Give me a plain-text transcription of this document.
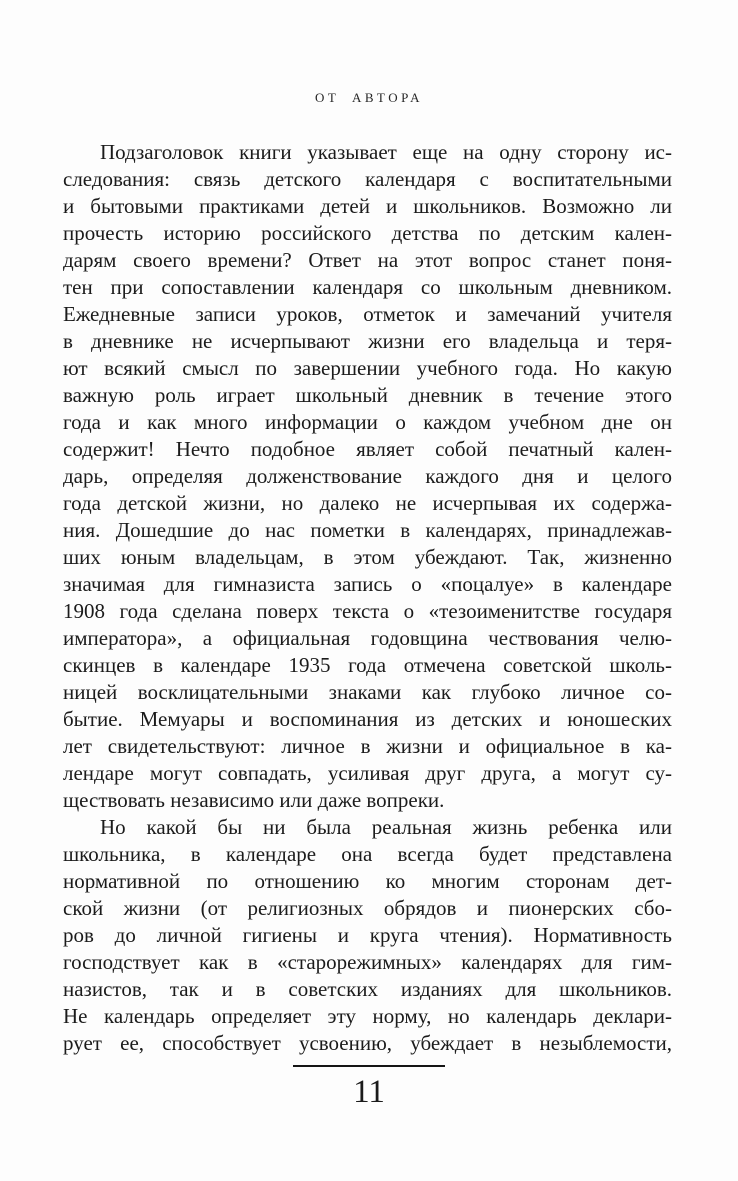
ОТ АВТОРА
Подзаголовок книги указывает еще на одну сторону ис-
следования: связь детского календаря с воспитательными
и бытовыми практиками детей и школьников. Возможно ли
прочесть историю российского детства по детским кален-
дарям своего времени? Ответ на этот вопрос станет поня-
тен при сопоставлении календаря со школьным дневником.
Ежедневные записи уроков, отметок и замечаний учителя
в дневнике не исчерпывают жизни его владельца и теря-
ют всякий смысл по завершении учебного года. Но какую
важную роль играет школьный дневник в течение этого
года и как много информации о каждом учебном дне он
содержит! Нечто подобное являет собой печатный кален-
дарь, определяя долженствование каждого дня и целого
года детской жизни, но далеко не исчерпывая их содержа-
ния. Дошедшие до нас пометки в календарях, принадлежав-
ших юным владельцам, в этом убеждают. Так, жизненно
значимая для гимназиста запись о «поцалуе» в календаре
1908 года сделана поверх текста о «тезоименитстве государя
императора», а официальная годовщина чествования челю-
скинцев в календаре 1935 года отмечена советской школь-
ницей восклицательными знаками как глубоко личное со-
бытие. Мемуары и воспоминания из детских и юношеских
лет свидетельствуют: личное в жизни и официальное в ка-
лендаре могут совпадать, усиливая друг друга, а могут су-
ществовать независимо или даже вопреки.
Но какой бы ни была реальная жизнь ребенка или
школьника, в календаре она всегда будет представлена
нормативной по отношению ко многим сторонам дет-
ской жизни (от религиозных обрядов и пионерских сбо-
ров до личной гигиены и круга чтения). Нормативность
господствует как в «старорежимных» календарях для гим-
назистов, так и в советских изданиях для школьников.
Не календарь определяет эту норму, но календарь деклари-
рует ее, способствует усвоению, убеждает в незыблемости,
11
